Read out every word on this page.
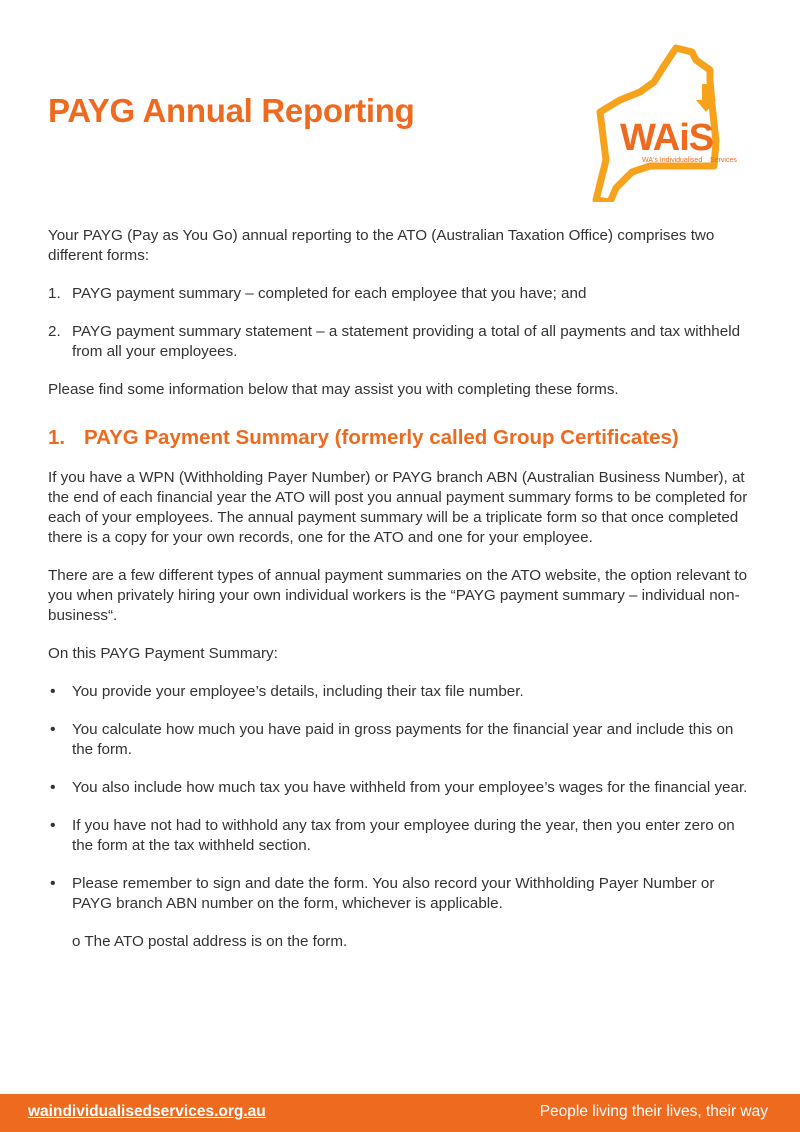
PAYG Annual Reporting
WAiS
WA's Individualised Services

Your PAYG (Pay as You Go) annual reporting to the ATO (Australian Taxation Office) comprises two different forms:

1. PAYG payment summary – completed for each employee that you have; and
2. PAYG payment summary statement – a statement providing a total of all payments and tax withheld from all your employees.

Please find some information below that may assist you with completing these forms.

1. PAYG Payment Summary (formerly called Group Certificates)

If you have a WPN (Withholding Payer Number) or PAYG branch ABN (Australian Business Number), at the end of each financial year the ATO will post you annual payment summary forms to be completed for each of your employees. The annual payment summary will be a triplicate form so that once completed there is a copy for your own records, one for the ATO and one for your employee.

There are a few different types of annual payment summaries on the ATO website, the option relevant to you when privately hiring your own individual workers is the “PAYG payment summary – individual non-business“.

On this PAYG Payment Summary:

• You provide your employee’s details, including their tax file number.
• You calculate how much you have paid in gross payments for the financial year and include this on the form.
• You also include how much tax you have withheld from your employee’s wages for the financial year.
• If you have not had to withhold any tax from your employee during the year, then you enter zero on the form at the tax withheld section.
• Please remember to sign and date the form. You also record your Withholding Payer Number or PAYG branch ABN number on the form, whichever is applicable.

o The ATO postal address is on the form.

waindividualisedservices.org.au	People living their lives, their way
